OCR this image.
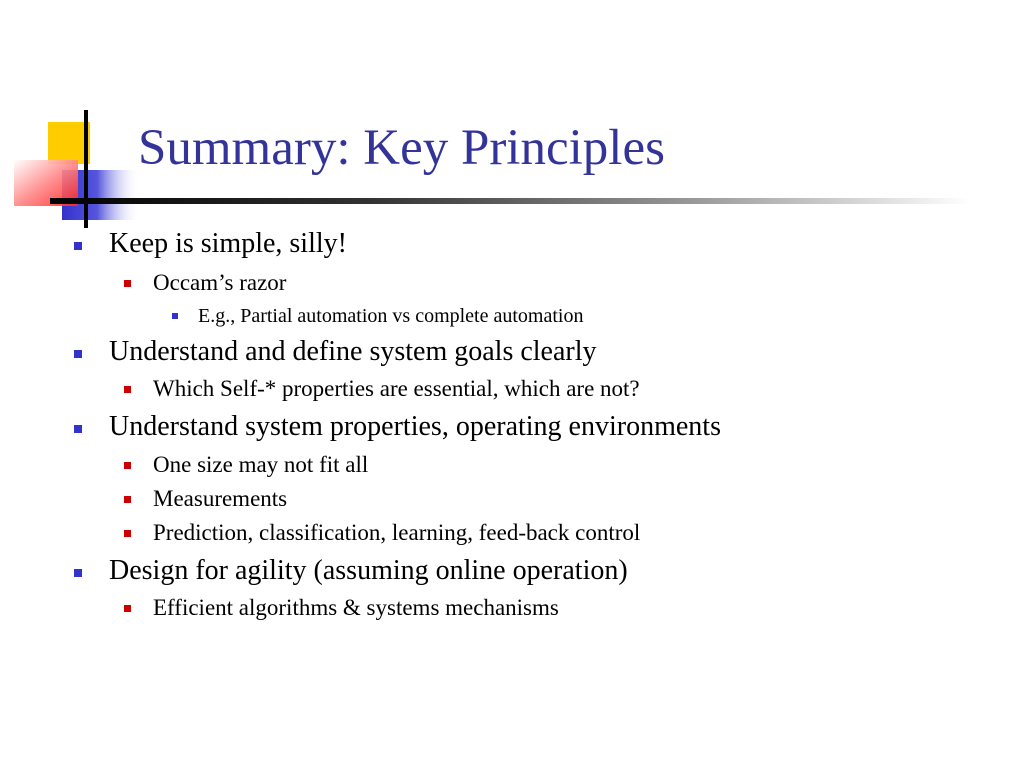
Summary: Key Principles
Keep is simple, silly!
Occam’s razor
E.g., Partial automation vs complete automation
Understand and define system goals clearly
Which Self-* properties are essential, which are not?
Understand system properties, operating environments
One size may not fit all
Measurements
Prediction, classification, learning, feed-back control
Design for agility (assuming online operation)
Efficient algorithms & systems mechanisms
